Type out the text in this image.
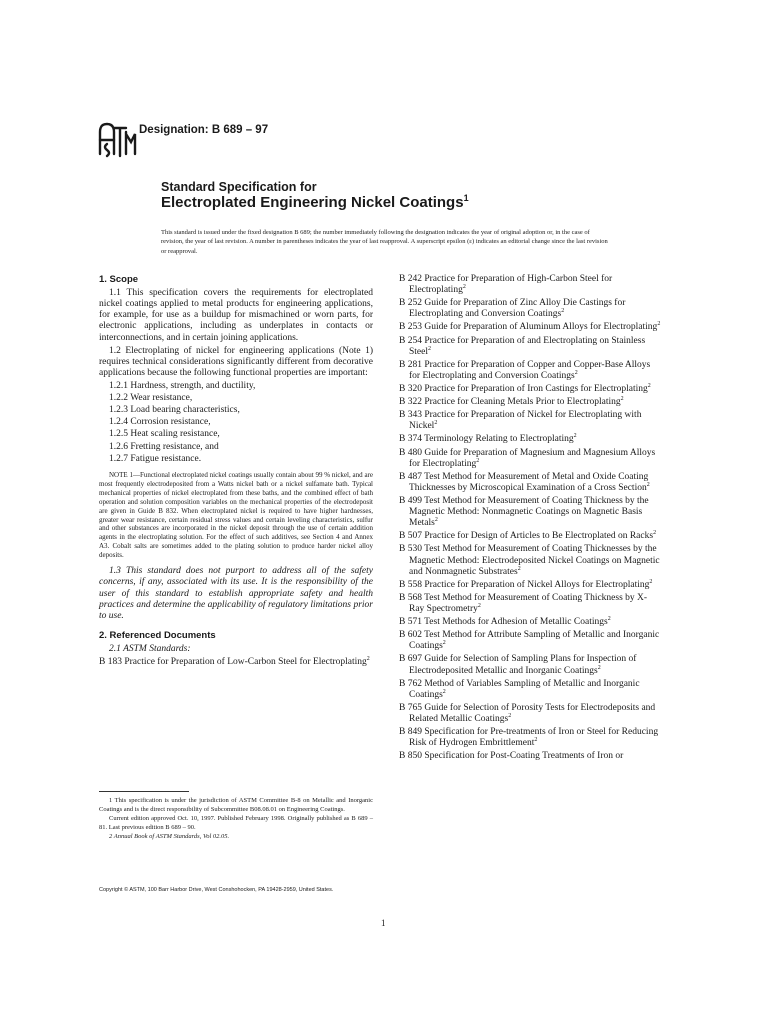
ASTM
Designation: B 689 – 97
Standard Specification for
Electroplated Engineering Nickel Coatings$^1$
This standard is issued under the fixed designation B 689; the number immediately following the designation indicates the year of original adoption or, in the case of revision, the year of last revision. A number in parentheses indicates the year of last reapproval. A superscript epsilon (ε) indicates an editorial change since the last revision or reapproval.
1. Scope

1.1 This specification covers the requirements for electroplated nickel coatings applied to metal products for engineering applications, for example, for use as a buildup for mismachined or worn parts, for electronic applications, including as underplates in contacts or interconnections, and in certain joining applications.

1.2 Electroplating of nickel for engineering applications (Note 1) requires technical considerations significantly different from decorative applications because the following functional properties are important:

1.2.1 Hardness, strength, and ductility,

1.2.2 Wear resistance,

1.2.3 Load bearing characteristics,

1.2.4 Corrosion resistance,

1.2.5 Heat scaling resistance,

1.2.6 Fretting resistance, and

1.2.7 Fatigue resistance.

NOTE 1—Functional electroplated nickel coatings usually contain about 99 % nickel, and are most frequently electrodeposited from a Watts nickel bath or a nickel sulfamate bath. Typical mechanical properties of nickel electroplated from these baths, and the combined effect of bath operation and solution composition variables on the mechanical properties of the electrodeposit are given in Guide B 832. When electroplated nickel is required to have higher hardnesses, greater wear resistance, certain residual stress values and certain leveling characteristics, sulfur and other substances are incorporated in the nickel deposit through the use of certain addition agents in the electroplating solution. For the effect of such additives, see Section 4 and Annex A3. Cobalt salts are sometimes added to the plating solution to produce harder nickel alloy deposits.

1.3 This standard does not purport to address all of the safety concerns, if any, associated with its use. It is the responsibility of the user of this standard to establish appropriate safety and health practices and determine the applicability of regulatory limitations prior to use.

2. Referenced Documents

2.1 ASTM Standards:

B 183 Practice for Preparation of Low-Carbon Steel for Electroplating$^2$

1 This specification is under the jurisdiction of ASTM Committee B-8 on Metallic and Inorganic Coatings and is the direct responsibility of Subcommittee B08.08.01 on Engineering Coatings.

Current edition approved Oct. 10, 1997. Published February 1998. Originally published as B 689 – 81. Last previous edition B 689 – 90.

2 Annual Book of ASTM Standards, Vol 02.05.

B 242 Practice for Preparation of High-Carbon Steel for Electroplating$^2$

B 252 Guide for Preparation of Zinc Alloy Die Castings for Electroplating and Conversion Coatings$^2$

B 253 Guide for Preparation of Aluminum Alloys for Electroplating$^2$

B 254 Practice for Preparation of and Electroplating on Stainless Steel$^2$

B 281 Practice for Preparation of Copper and Copper-Base Alloys for Electroplating and Conversion Coatings$^2$

B 320 Practice for Preparation of Iron Castings for Electroplating$^2$

B 322 Practice for Cleaning Metals Prior to Electroplating$^2$

B 343 Practice for Preparation of Nickel for Electroplating with Nickel$^2$

B 374 Terminology Relating to Electroplating$^2$

B 480 Guide for Preparation of Magnesium and Magnesium Alloys for Electroplating$^2$

B 487 Test Method for Measurement of Metal and Oxide Coating Thicknesses by Microscopical Examination of a Cross Section$^2$

B 499 Test Method for Measurement of Coating Thickness by the Magnetic Method: Nonmagnetic Coatings on Magnetic Basis Metals$^2$

B 507 Practice for Design of Articles to Be Electroplated on Racks$^2$

B 530 Test Method for Measurement of Coating Thicknesses by the Magnetic Method: Electrodeposited Nickel Coatings on Magnetic and Nonmagnetic Substrates$^2$

B 558 Practice for Preparation of Nickel Alloys for Electroplating$^2$

B 568 Test Method for Measurement of Coating Thickness by X-Ray Spectrometry$^2$

B 571 Test Methods for Adhesion of Metallic Coatings$^2$

B 602 Test Method for Attribute Sampling of Metallic and Inorganic Coatings$^2$

B 697 Guide for Selection of Sampling Plans for Inspection of Electrodeposited Metallic and Inorganic Coatings$^2$

B 762 Method of Variables Sampling of Metallic and Inorganic Coatings$^2$

B 765 Guide for Selection of Porosity Tests for Electrodeposits and Related Metallic Coatings$^2$

B 849 Specification for Pre-treatments of Iron or Steel for Reducing Risk of Hydrogen Embrittlement$^2$

B 850 Specification for Post-Coating Treatments of Iron or

Copyright © ASTM, 100 Barr Harbor Drive, West Conshohocken, PA 19428-2959, United States.
1
